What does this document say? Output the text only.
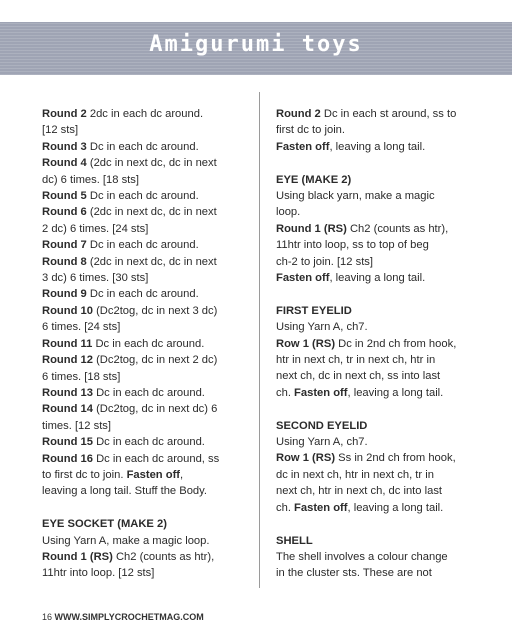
Amigurumi toys
Round 2 2dc in each dc around.
[12 sts]
Round 3 Dc in each dc around.
Round 4 (2dc in next dc, dc in next
dc) 6 times. [18 sts]
Round 5 Dc in each dc around.
Round 6 (2dc in next dc, dc in next
2 dc) 6 times. [24 sts]
Round 7 Dc in each dc around.
Round 8 (2dc in next dc, dc in next
3 dc) 6 times. [30 sts]
Round 9 Dc in each dc around.
Round 10 (Dc2tog, dc in next 3 dc)
6 times. [24 sts]
Round 11 Dc in each dc around.
Round 12 (Dc2tog, dc in next 2 dc)
6 times. [18 sts]
Round 13 Dc in each dc around.
Round 14 (Dc2tog, dc in next dc) 6
times. [12 sts]
Round 15 Dc in each dc around.
Round 16 Dc in each dc around, ss
to first dc to join. Fasten off,
leaving a long tail. Stuff the Body.
EYE SOCKET (MAKE 2)
Using Yarn A, make a magic loop.
Round 1 (RS) Ch2 (counts as htr),
11htr into loop. [12 sts]
Round 2 Dc in each st around, ss to
first dc to join.
Fasten off, leaving a long tail.
EYE (MAKE 2)
Using black yarn, make a magic
loop.
Round 1 (RS) Ch2 (counts as htr),
11htr into loop, ss to top of beg
ch-2 to join. [12 sts]
Fasten off, leaving a long tail.
FIRST EYELID
Using Yarn A, ch7.
Row 1 (RS) Dc in 2nd ch from hook,
htr in next ch, tr in next ch, htr in
next ch, dc in next ch, ss into last
ch. Fasten off, leaving a long tail.
SECOND EYELID
Using Yarn A, ch7.
Row 1 (RS) Ss in 2nd ch from hook,
dc in next ch, htr in next ch, tr in
next ch, htr in next ch, dc into last
ch. Fasten off, leaving a long tail.
SHELL
The shell involves a colour change
in the cluster sts. These are not
16 WWW.SIMPLYCROCHETMAG.COM
